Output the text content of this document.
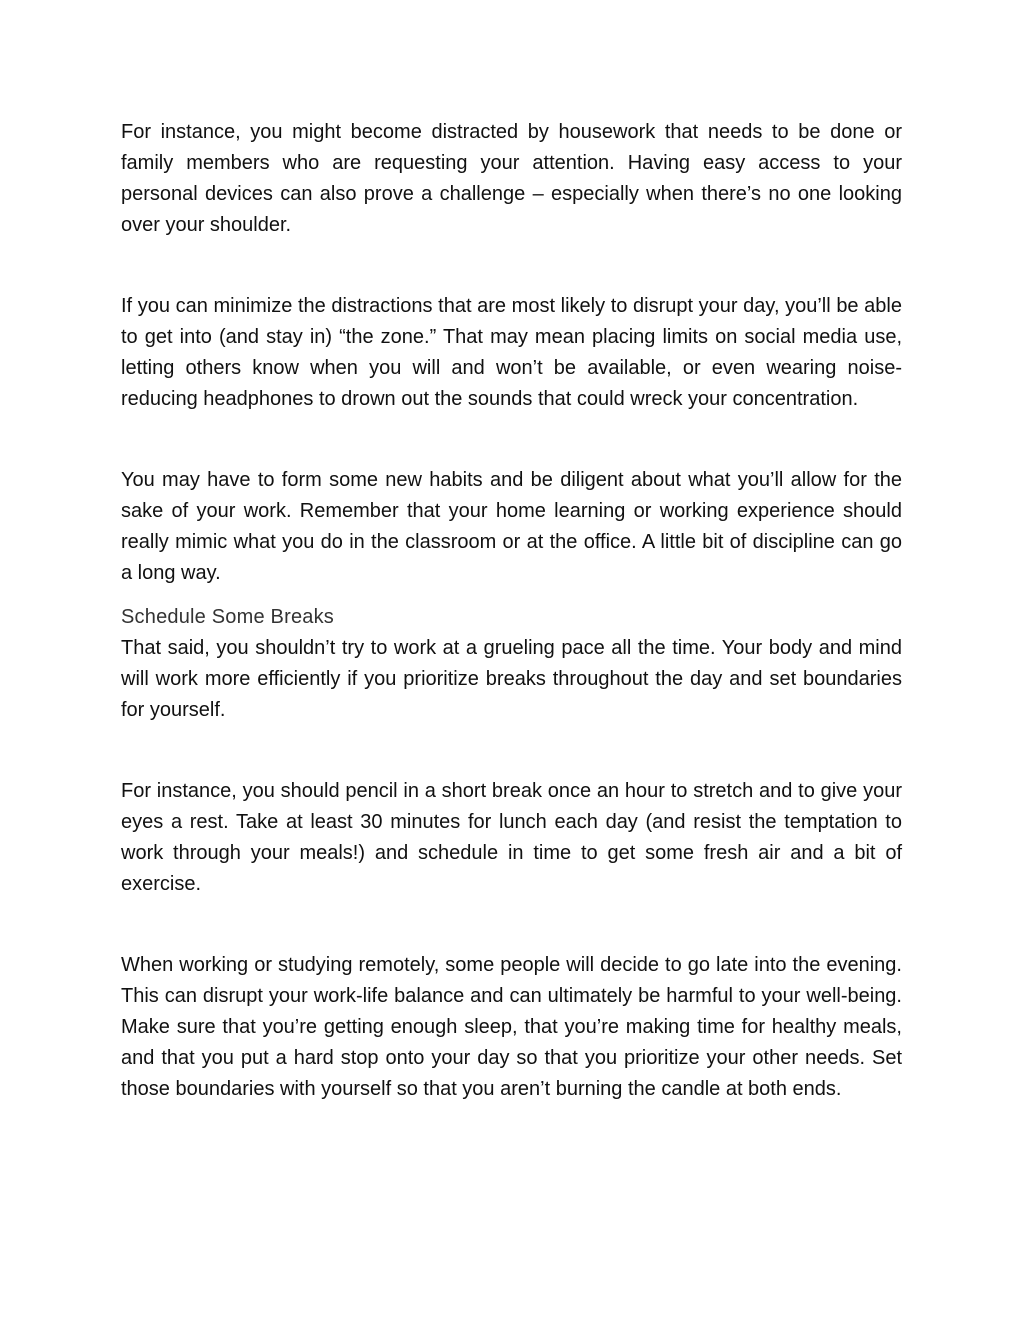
For instance, you might become distracted by housework that needs to be done or family members who are requesting your attention. Having easy access to your personal devices can also prove a challenge – especially when there’s no one looking over your shoulder.

If you can minimize the distractions that are most likely to disrupt your day, you’ll be able to get into (and stay in) “the zone.” That may mean placing limits on social media use, letting others know when you will and won’t be available, or even wearing noise-reducing headphones to drown out the sounds that could wreck your concentration.

You may have to form some new habits and be diligent about what you’ll allow for the sake of your work. Remember that your home learning or working experience should really mimic what you do in the classroom or at the office. A little bit of discipline can go a long way.

Schedule Some Breaks

That said, you shouldn’t try to work at a grueling pace all the time. Your body and mind will work more efficiently if you prioritize breaks throughout the day and set boundaries for yourself.

For instance, you should pencil in a short break once an hour to stretch and to give your eyes a rest. Take at least 30 minutes for lunch each day (and resist the temptation to work through your meals!) and schedule in time to get some fresh air and a bit of exercise.

When working or studying remotely, some people will decide to go late into the evening. This can disrupt your work-life balance and can ultimately be harmful to your well-being. Make sure that you’re getting enough sleep, that you’re making time for healthy meals, and that you put a hard stop onto your day so that you prioritize your other needs. Set those boundaries with yourself so that you aren’t burning the candle at both ends.
